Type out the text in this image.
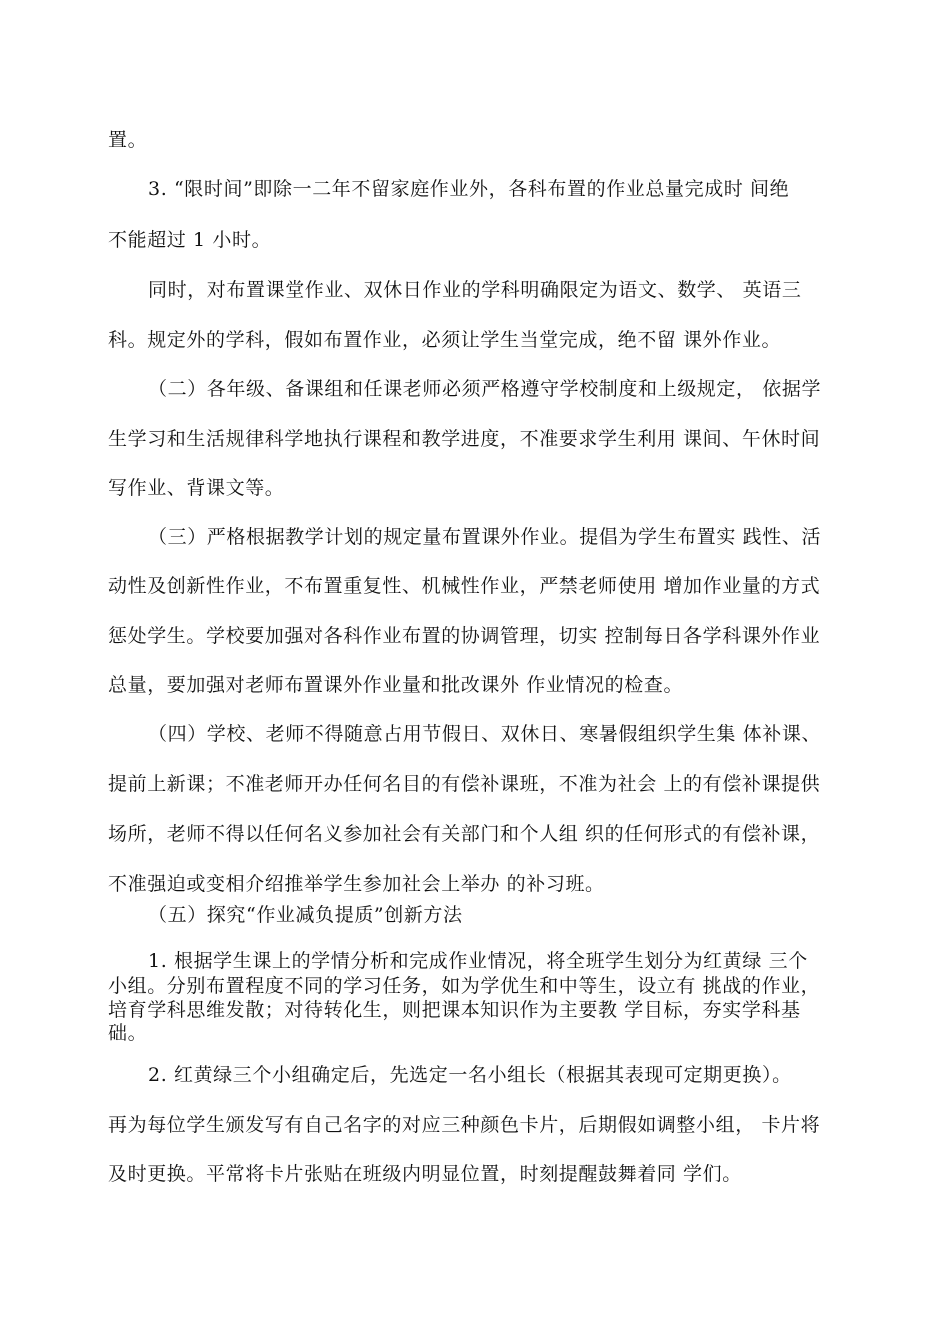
置。
3. “限时间”即除一二年不留家庭作业外，各科布置的作业总量完成时 间绝
不能超过 1 小时。
同时，对布置课堂作业、双休日作业的学科明确限定为语文、数学、 英语三
科。规定外的学科，假如布置作业，必须让学生当堂完成，绝不留 课外作业。
（二）各年级、备课组和任课老师必须严格遵守学校制度和上级规定， 依据学
生学习和生活规律科学地执行课程和教学进度，不准要求学生利用 课间、午休时间
写作业、背课文等。
（三）严格根据教学计划的规定量布置课外作业。提倡为学生布置实 践性、活
动性及创新性作业，不布置重复性、机械性作业，严禁老师使用 增加作业量的方式
惩处学生。学校要加强对各科作业布置的协调管理，切实 控制每日各学科课外作业
总量，要加强对老师布置课外作业量和批改课外 作业情况的检查。
（四）学校、老师不得随意占用节假日、双休日、寒暑假组织学生集 体补课、
提前上新课；不准老师开办任何名目的有偿补课班，不准为社会 上的有偿补课提供
场所，老师不得以任何名义参加社会有关部门和个人组 织的任何形式的有偿补课，
不准强迫或变相介绍推举学生参加社会上举办 的补习班。
（五）探究“作业减负提质”创新方法
1. 根据学生课上的学情分析和完成作业情况，将全班学生划分为红黄绿 三个
小组。分别布置程度不同的学习任务，如为学优生和中等生，设立有 挑战的作业，
培育学科思维发散；对待转化生，则把课本知识作为主要教 学目标，夯实学科基
础。
2. 红黄绿三个小组确定后，先选定一名小组长（根据其表现可定期更换）。
再为每位学生颁发写有自己名字的对应三种颜色卡片，后期假如调整小组， 卡片将
及时更换。平常将卡片张贴在班级内明显位置，时刻提醒鼓舞着同 学们。
